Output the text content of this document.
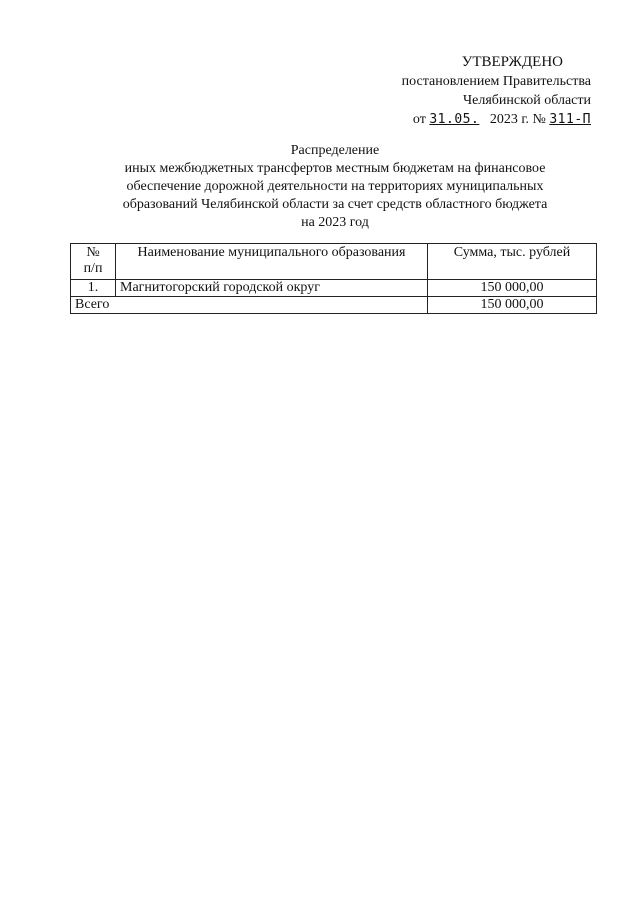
УТВЕРЖДЕНО
постановлением Правительства
Челябинской области
от 31.05. 2023 г. № 311-П
Распределение
иных межбюджетных трансфертов местным бюджетам на финансовое
обеспечение дорожной деятельности на территориях муниципальных
образований Челябинской области за счет средств областного бюджета
на 2023 год
№
п/п	Наименование муниципального образования	Сумма, тыс. рублей
1.	Магнитогорский городской округ	150 000,00
Всего		150 000,00
